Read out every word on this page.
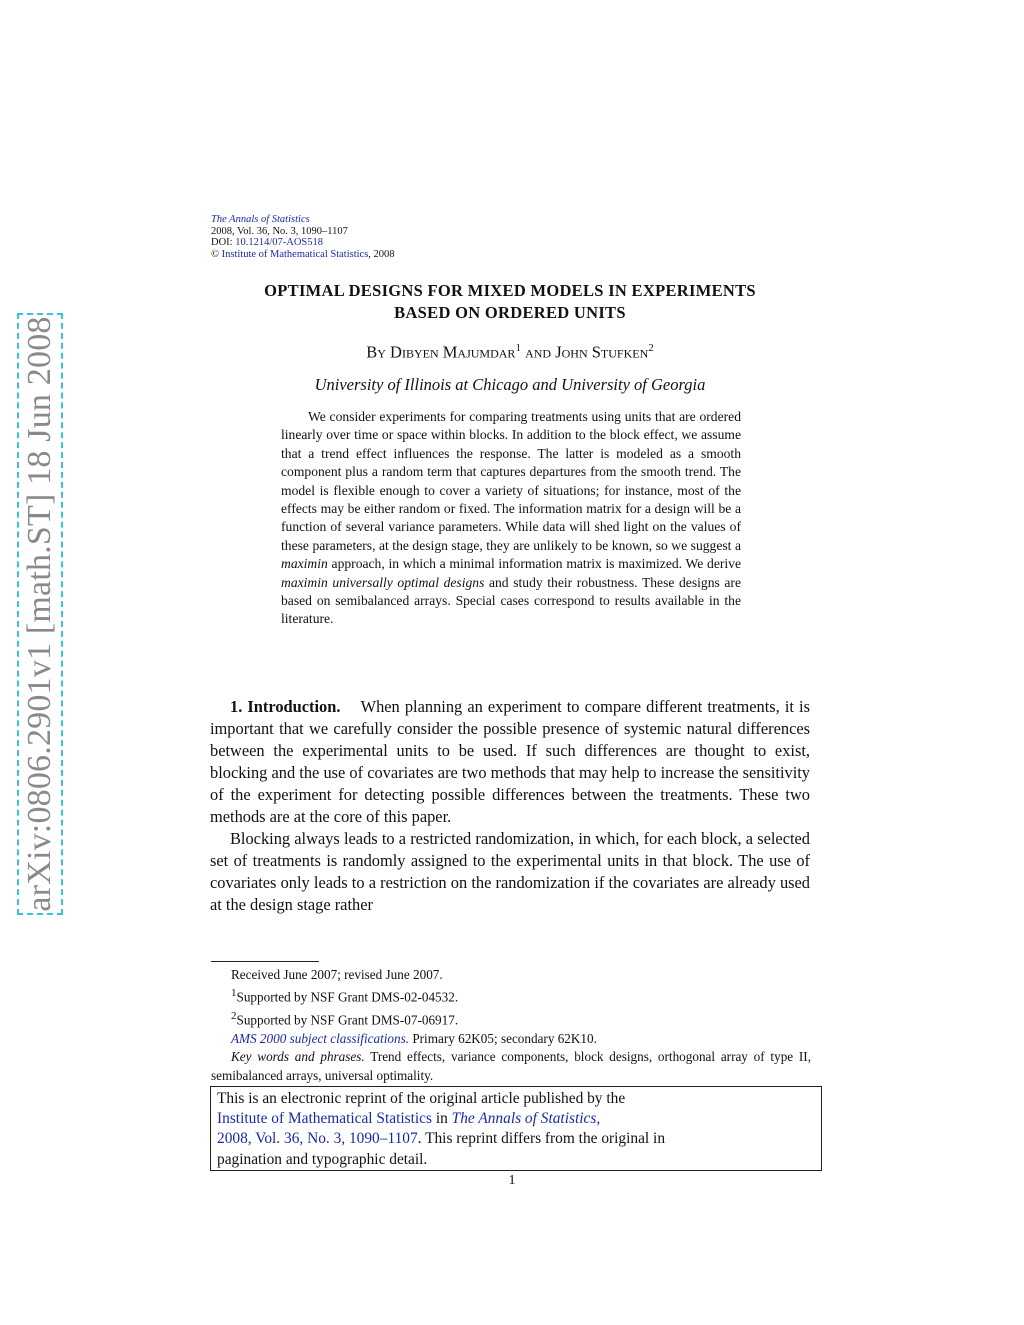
arXiv:0806.2901v1 [math.ST] 18 Jun 2008
The Annals of Statistics
2008, Vol. 36, No. 3, 1090–1107
DOI: 10.1214/07-AOS518
© Institute of Mathematical Statistics, 2008
OPTIMAL DESIGNS FOR MIXED MODELS IN EXPERIMENTS
BASED ON ORDERED UNITS
By Dibyen Majumdar$^1$ and John Stufken$^2$
University of Illinois at Chicago and University of Georgia

We consider experiments for comparing treatments using units that are ordered linearly over time or space within blocks. In addition to the block effect, we assume that a trend effect influences the response. The latter is modeled as a smooth component plus a random term that captures departures from the smooth trend. The model is flexible enough to cover a variety of situations; for instance, most of the effects may be either random or fixed. The information matrix for a design will be a function of several variance parameters. While data will shed light on the values of these parameters, at the design stage, they are unlikely to be known, so we suggest a maximin approach, in which a minimal information matrix is maximized. We derive maximin universally optimal designs and study their robustness. These designs are based on semibalanced arrays. Special cases correspond to results available in the literature.

1. Introduction. When planning an experiment to compare different treatments, it is important that we carefully consider the possible presence of systemic natural differences between the experimental units to be used. If such differences are thought to exist, blocking and the use of covariates are two methods that may help to increase the sensitivity of the experiment for detecting possible differences between the treatments. These two methods are at the core of this paper.

Blocking always leads to a restricted randomization, in which, for each block, a selected set of treatments is randomly assigned to the experimental units in that block. The use of covariates only leads to a restriction on the randomization if the covariates are already used at the design stage rather

Received June 2007; revised June 2007.
$^1$Supported by NSF Grant DMS-02-04532.
$^2$Supported by NSF Grant DMS-07-06917.
AMS 2000 subject classifications. Primary 62K05; secondary 62K10.
Key words and phrases. Trend effects, variance components, block designs, orthogonal array of type II, semibalanced arrays, universal optimality.
This is an electronic reprint of the original article published by the
Institute of Mathematical Statistics in The Annals of Statistics,
2008, Vol. 36, No. 3, 1090–1107. This reprint differs from the original in
pagination and typographic detail.
1
